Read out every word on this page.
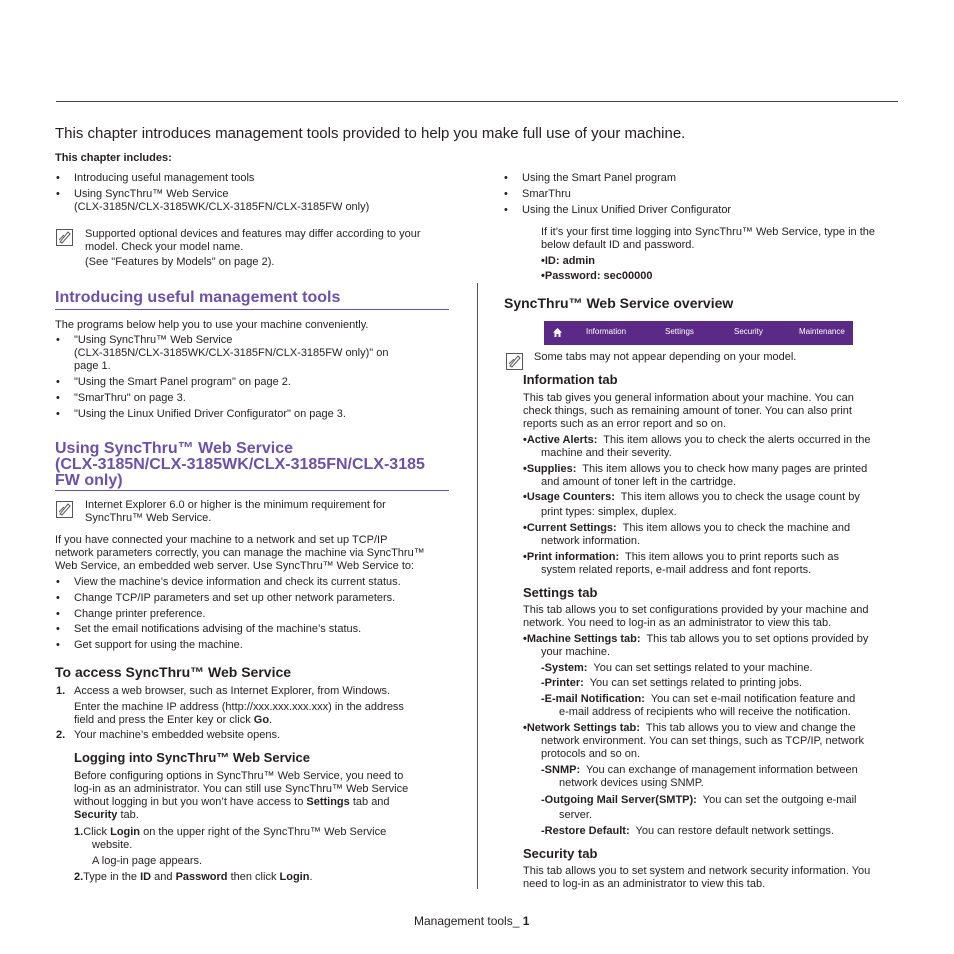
This chapter introduces management tools provided to help you make full use of your machine.
This chapter includes:
• Introducing useful management tools
• Using SyncThru™ Web Service
(CLX-3185N/CLX-3185WK/CLX-3185FN/CLX-3185FW only)
• Using the Smart Panel program
• SmarThru
• Using the Linux Unified Driver Configurator
Supported optional devices and features may differ according to your
model. Check your model name.
(See "Features by Models" on page 2).
Introducing useful management tools
The programs below help you to use your machine conveniently.
• "Using SyncThru™ Web Service
(CLX-3185N/CLX-3185WK/CLX-3185FN/CLX-3185FW only)" on
page 1.
• "Using the Smart Panel program" on page 2.
• "SmarThru" on page 3.
• "Using the Linux Unified Driver Configurator" on page 3.
Using SyncThru™ Web Service
(CLX-3185N/CLX-3185WK/CLX-3185FN/CLX-3185
FW only)
Internet Explorer 6.0 or higher is the minimum requirement for
SyncThru™ Web Service.
If you have connected your machine to a network and set up TCP/IP
network parameters correctly, you can manage the machine via SyncThru™
Web Service, an embedded web server. Use SyncThru™ Web Service to:
• View the machine’s device information and check its current status.
• Change TCP/IP parameters and set up other network parameters.
• Change printer preference.
• Set the email notifications advising of the machine’s status.
• Get support for using the machine.
To access SyncThru™ Web Service
1. Access a web browser, such as Internet Explorer, from Windows.
Enter the machine IP address (http://xxx.xxx.xxx.xxx) in the address
field and press the Enter key or click Go.
2. Your machine’s embedded website opens.
Logging into SyncThru™ Web Service
Before configuring options in SyncThru™ Web Service, you need to
log-in as an administrator. You can still use SyncThru™ Web Service
without logging in but you won’t have access to Settings tab and
Security tab.
1.Click Login on the upper right of the SyncThru™ Web Service
website.
A log-in page appears.
2.Type in the ID and Password then click Login.
If it’s your first time logging into SyncThru™ Web Service, type in the
below default ID and password.
•ID: admin
•Password: sec00000
SyncThru™ Web Service overview
Information	Settings	Security	Maintenance
Some tabs may not appear depending on your model.
Information tab
This tab gives you general information about your machine. You can
check things, such as remaining amount of toner. You can also print
reports such as an error report and so on.
•Active Alerts: This item allows you to check the alerts occurred in the
machine and their severity.
•Supplies: This item allows you to check how many pages are printed
and amount of toner left in the cartridge.
•Usage Counters: This item allows you to check the usage count by
print types: simplex, duplex.
•Current Settings: This item allows you to check the machine and
network information.
•Print information: This item allows you to print reports such as
system related reports, e-mail address and font reports.
Settings tab
This tab allows you to set configurations provided by your machine and
network. You need to log-in as an administrator to view this tab.
•Machine Settings tab: This tab allows you to set options provided by
your machine.
-System: You can set settings related to your machine.
-Printer: You can set settings related to printing jobs.
-E-mail Notification: You can set e-mail notification feature and
e-mail address of recipients who will receive the notification.
•Network Settings tab: This tab allows you to view and change the
network environment. You can set things, such as TCP/IP, network
protocols and so on.
-SNMP: You can exchange of management information between
network devices using SNMP.
-Outgoing Mail Server(SMTP): You can set the outgoing e-mail
server.
-Restore Default: You can restore default network settings.
Security tab
This tab allows you to set system and network security information. You
need to log-in as an administrator to view this tab.
Management tools_ 1
